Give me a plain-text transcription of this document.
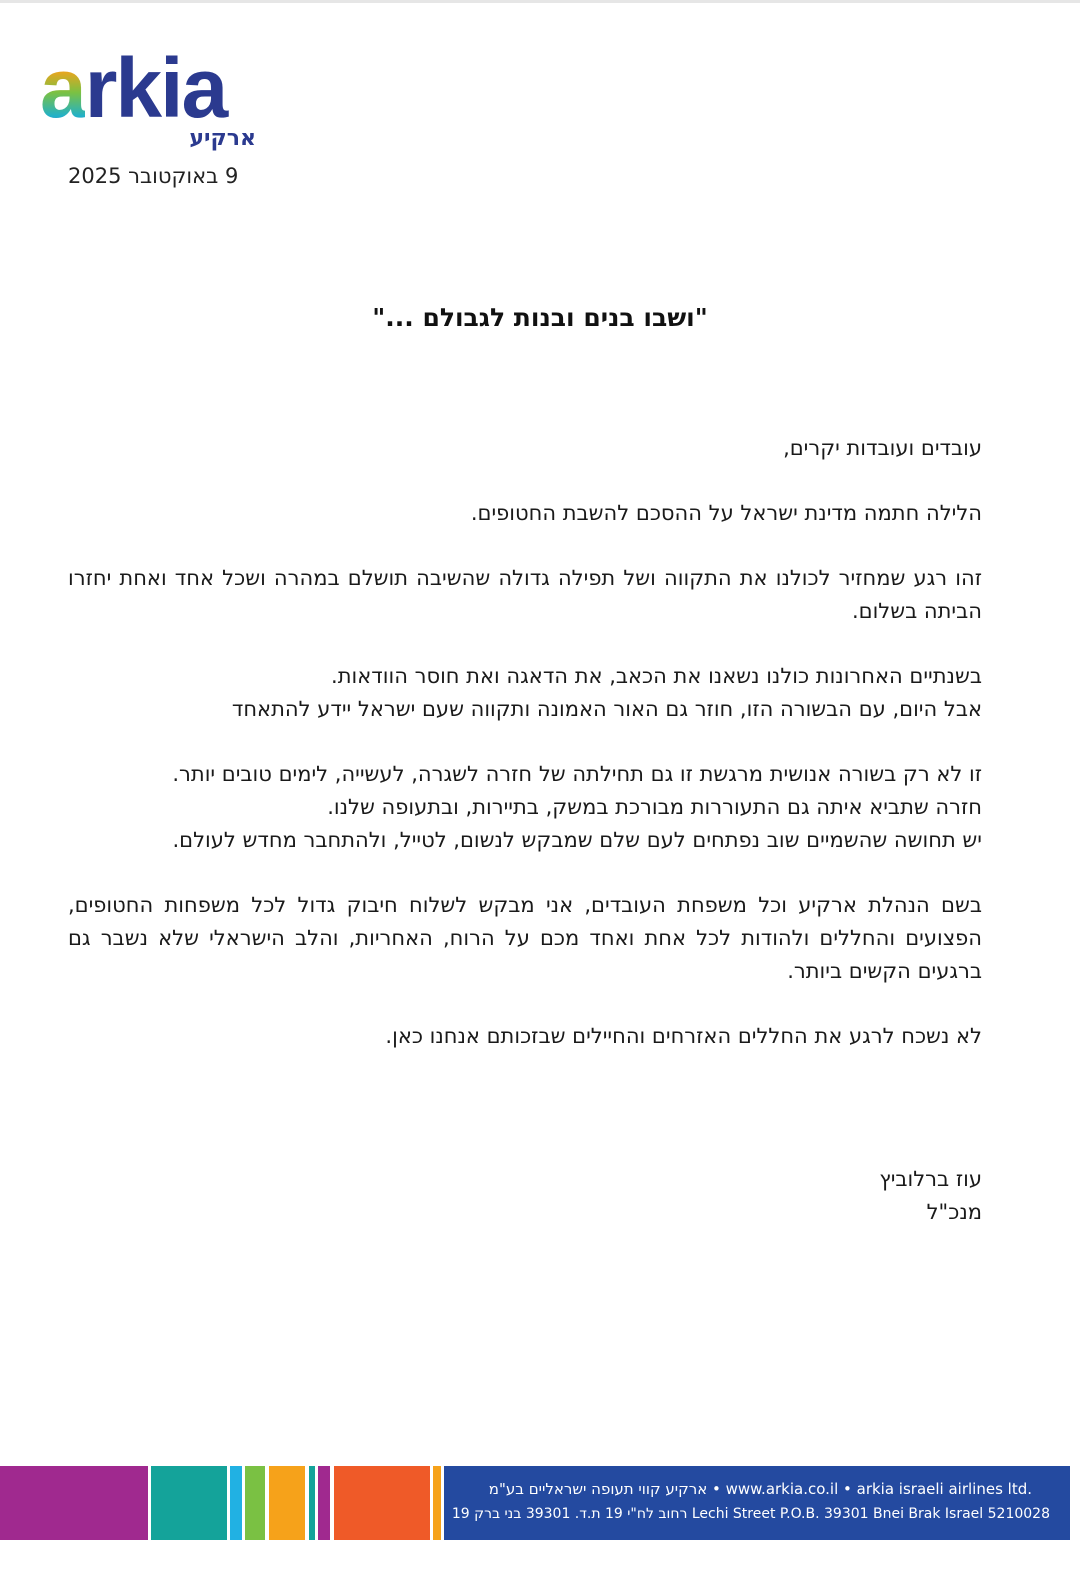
arkia
ארקיע
9 באוקטובר 2025
"ושבו בנים ובנות לגבולם ..."
עובדים ועובדות יקרים,
הלילה חתמה מדינת ישראל על ההסכם להשבת החטופים.
זהו רגע שמחזיר לכולנו את התקווה ושל תפילה גדולה שהשיבה תושלם במהרה ושכל אחד ואחת יחזרו הביתה בשלום.
בשנתיים האחרונות כולנו נשאנו את הכאב, את הדאגה ואת חוסר הוודאות.
אבל היום, עם הבשורה הזו, חוזר גם האור האמונה ותקווה שעם ישראל יידע להתאחד
זו לא רק בשורה אנושית מרגשת זו גם תחילתה של חזרה לשגרה, לעשייה, לימים טובים יותר.
חזרה שתביא איתה גם התעוררות מבורכת במשק, בתיירות, ובתעופה שלנו.
יש תחושה שהשמיים שוב נפתחים לעם שלם שמבקש לנשום, לטייל, ולהתחבר מחדש לעולם.
בשם הנהלת ארקיע וכל משפחת העובדים, אני מבקש לשלוח חיבוק גדול לכל משפחות החטופים, הפצועים והחללים ולהודות לכל אחת ואחד מכם על הרוח, האחריות, והלב הישראלי שלא נשבר גם ברגעים הקשים ביותר.
לא נשכח לרגע את החללים האזרחים והחיילים שבזכותם אנחנו כאן.
עוז ברלוביץ
מנכ"ל
ארקיע קווי תעופה ישראליים בע"מ • www.arkia.co.il • arkia israeli airlines ltd.
רחוב לח"י 19 ת.ד. 39301 בני ברק 19 Lechi Street P.O.B. 39301 Bnei Brak Israel 5210028
